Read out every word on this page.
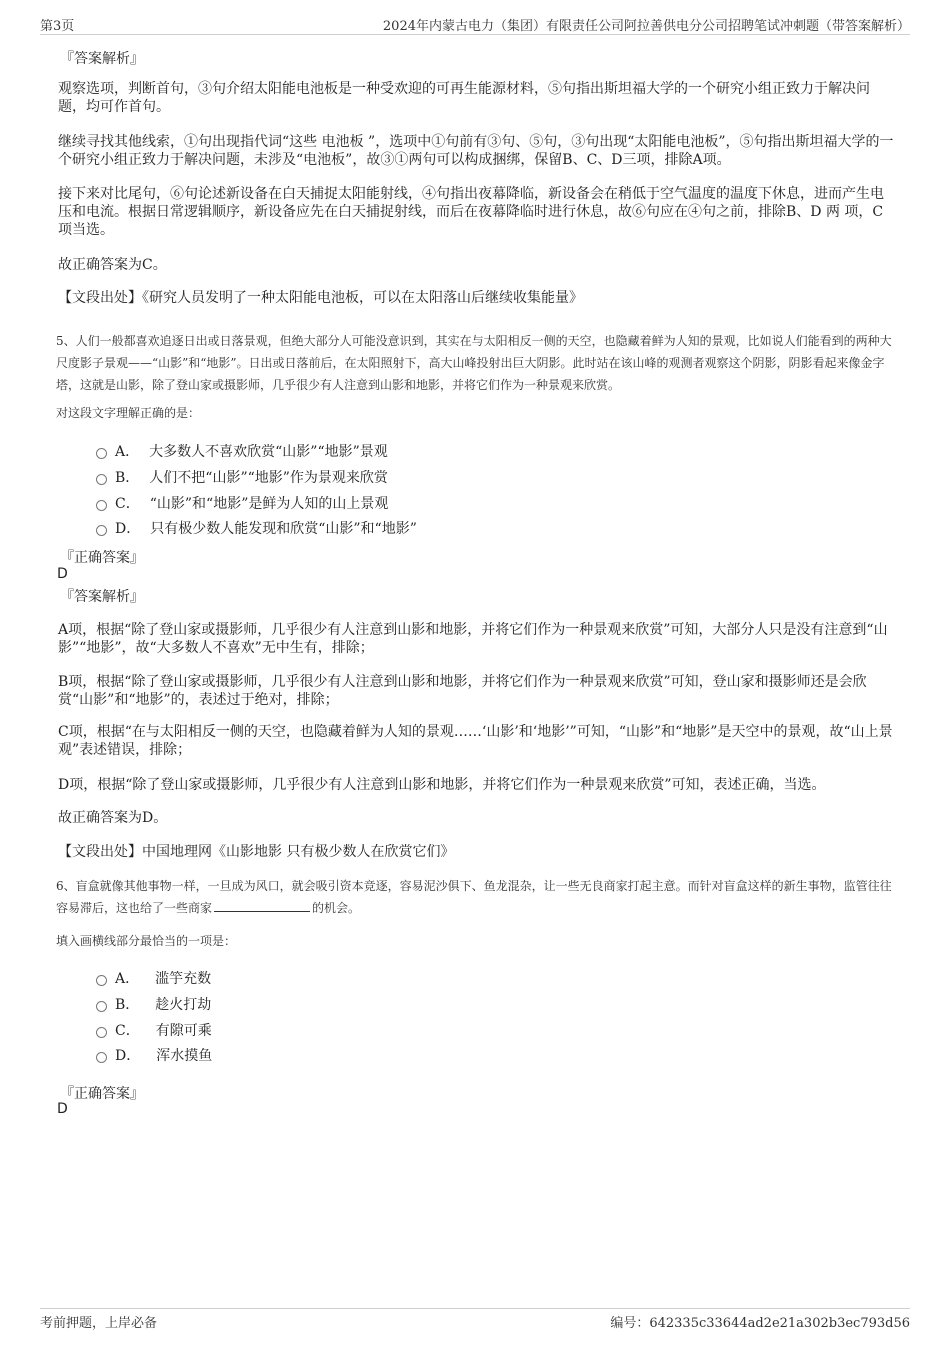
第3页	2024年内蒙古电力（集团）有限责任公司阿拉善供电分公司招聘笔试冲刺题（带答案解析）
『答案解析』
观察选项，判断首句，③句介绍太阳能电池板是一种受欢迎的可再生能源材料，⑤句指出斯坦福大学的一个研究小组正致力于解决问题，均可作首句。
继续寻找其他线索，①句出现指代词“这些 电池板 ”，选项中①句前有③句、⑤句，③句出现“太阳能电池板”，⑤句指出斯坦福大学的一个研究小组正致力于解决问题，未涉及“电池板”，故③①两句可以构成捆绑，保留B、C、D三项，排除A项。
接下来对比尾句，⑥句论述新设备在白天捕捉太阳能射线，④句指出夜幕降临，新设备会在稍低于空气温度的温度下休息，进而产生电压和电流。根据日常逻辑顺序，新设备应先在白天捕捉射线，而后在夜幕降临时进行休息，故⑥句应在④句之前，排除B、D 两 项，C项当选。
故正确答案为C。
【文段出处】《研究人员发明了一种太阳能电池板，可以在太阳落山后继续收集能量》
5、人们一般都喜欢追逐日出或日落景观，但绝大部分人可能没意识到，其实在与太阳相反一侧的天空，也隐藏着鲜为人知的景观，比如说人们能看到的两种大尺度影子景观——“山影”和“地影”。日出或日落前后，在太阳照射下，高大山峰投射出巨大阴影。此时站在该山峰的观测者观察这个阴影，阴影看起来像金字塔，这就是山影，除了登山家或摄影师，几乎很少有人注意到山影和地影，并将它们作为一种景观来欣赏。
对这段文字理解正确的是：
A． 大多数人不喜欢欣赏“山影”“地影”景观
B． 人们不把“山影”“地影”作为景观来欣赏
C． “山影”和“地影”是鲜为人知的山上景观
D． 只有极少数人能发现和欣赏“山影”和“地影”
『正确答案』
D
『答案解析』
A项，根据“除了登山家或摄影师，几乎很少有人注意到山影和地影，并将它们作为一种景观来欣赏”可知，大部分人只是没有注意到“山影”“地影”，故“大多数人不喜欢”无中生有，排除；
B项，根据“除了登山家或摄影师，几乎很少有人注意到山影和地影，并将它们作为一种景观来欣赏”可知，登山家和摄影师还是会欣赏“山影”和“地影”的，表述过于绝对，排除；
C项，根据“在与太阳相反一侧的天空，也隐藏着鲜为人知的景观……‘山影’和‘地影’”可知，“山影”和“地影”是天空中的景观，故“山上景观”表述错误，排除；
D项，根据“除了登山家或摄影师，几乎很少有人注意到山影和地影，并将它们作为一种景观来欣赏”可知，表述正确，当选。
故正确答案为D。
【文段出处】中国地理网《山影地影 只有极少数人在欣赏它们》
6、盲盒就像其他事物一样，一旦成为风口，就会吸引资本竞逐，容易泥沙俱下、鱼龙混杂，让一些无良商家打起主意。而针对盲盒这样的新生事物，监管往往容易滞后，这也给了一些商家	的机会。
填入画横线部分最恰当的一项是：
A． 滥竽充数
B． 趁火打劫
C． 有隙可乘
D． 浑水摸鱼
『正确答案』
D
考前押题，上岸必备	编号：642335c33644ad2e21a302b3ec793d56
